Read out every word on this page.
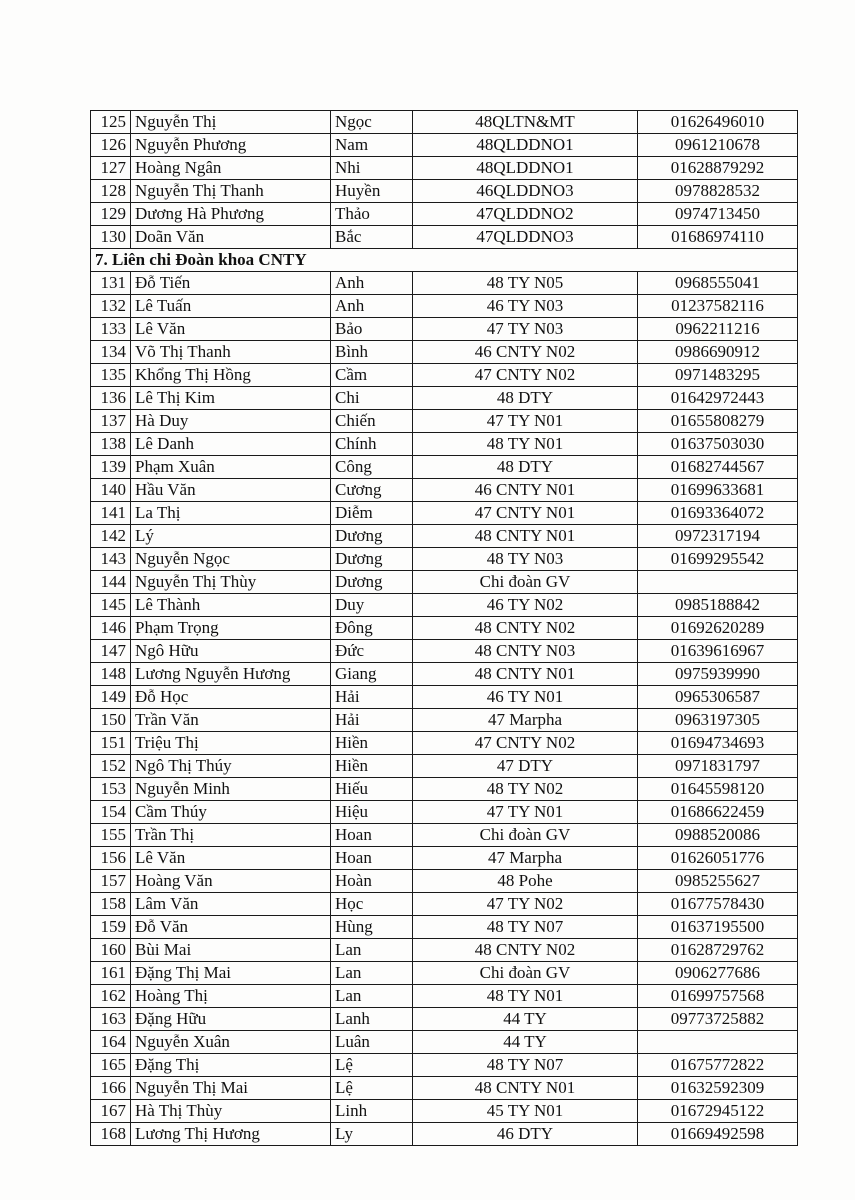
125	Nguyễn Thị	Ngọc	48QLTN&MT	01626496010
126	Nguyễn Phương	Nam	48QLDDNO1	0961210678
127	Hoàng Ngân	Nhi	48QLDDNO1	01628879292
128	Nguyễn Thị Thanh	Huyền	46QLDDNO3	0978828532
129	Dương Hà Phương	Thảo	47QLDDNO2	0974713450
130	Doãn Văn	Bắc	47QLDDNO3	01686974110
7. Liên chi Đoàn khoa CNTY				
131	Đỗ Tiến	Anh	48 TY N05	0968555041
132	Lê Tuấn	Anh	46 TY N03	01237582116
133	Lê Văn	Bảo	47 TY N03	0962211216
134	Võ Thị Thanh	Bình	46 CNTY N02	0986690912
135	Khổng Thị Hồng	Cầm	47 CNTY N02	0971483295
136	Lê Thị Kim	Chi	48 DTY	01642972443
137	Hà Duy	Chiến	47 TY N01	01655808279
138	Lê Danh	Chính	48 TY N01	01637503030
139	Phạm Xuân	Công	48 DTY	01682744567
140	Hầu Văn	Cương	46 CNTY N01	01699633681
141	La Thị	Diễm	47 CNTY N01	01693364072
142	Lý	Dương	48 CNTY N01	0972317194
143	Nguyễn Ngọc	Dương	48 TY N03	01699295542
144	Nguyễn Thị Thùy	Dương	Chi đoàn GV	
145	Lê Thành	Duy	46 TY N02	0985188842
146	Phạm Trọng	Đông	48 CNTY N02	01692620289
147	Ngô Hữu	Đức	48 CNTY N03	01639616967
148	Lương Nguyễn Hương	Giang	48 CNTY N01	0975939990
149	Đỗ Học	Hải	46 TY N01	0965306587
150	Trần Văn	Hải	47 Marpha	0963197305
151	Triệu Thị	Hiền	47 CNTY N02	01694734693
152	Ngô Thị Thúy	Hiền	47 DTY	0971831797
153	Nguyễn Minh	Hiếu	48 TY N02	01645598120
154	Cầm Thúy	Hiệu	47 TY N01	01686622459
155	Trần Thị	Hoan	Chi đoàn GV	0988520086
156	Lê Văn	Hoan	47 Marpha	01626051776
157	Hoàng Văn	Hoàn	48 Pohe	0985255627
158	Lâm Văn	Học	47 TY N02	01677578430
159	Đỗ Văn	Hùng	48 TY N07	01637195500
160	Bùi Mai	Lan	48 CNTY N02	01628729762
161	Đặng Thị Mai	Lan	Chi đoàn GV	0906277686
162	Hoàng Thị	Lan	48 TY N01	01699757568
163	Đặng Hữu	Lanh	44 TY	09773725882
164	Nguyễn Xuân	Luân	44 TY	
165	Đặng Thị	Lệ	48 TY N07	01675772822
166	Nguyễn Thị Mai	Lệ	48 CNTY N01	01632592309
167	Hà Thị Thùy	Linh	45 TY N01	01672945122
168	Lương Thị Hương	Ly	46 DTY	01669492598
